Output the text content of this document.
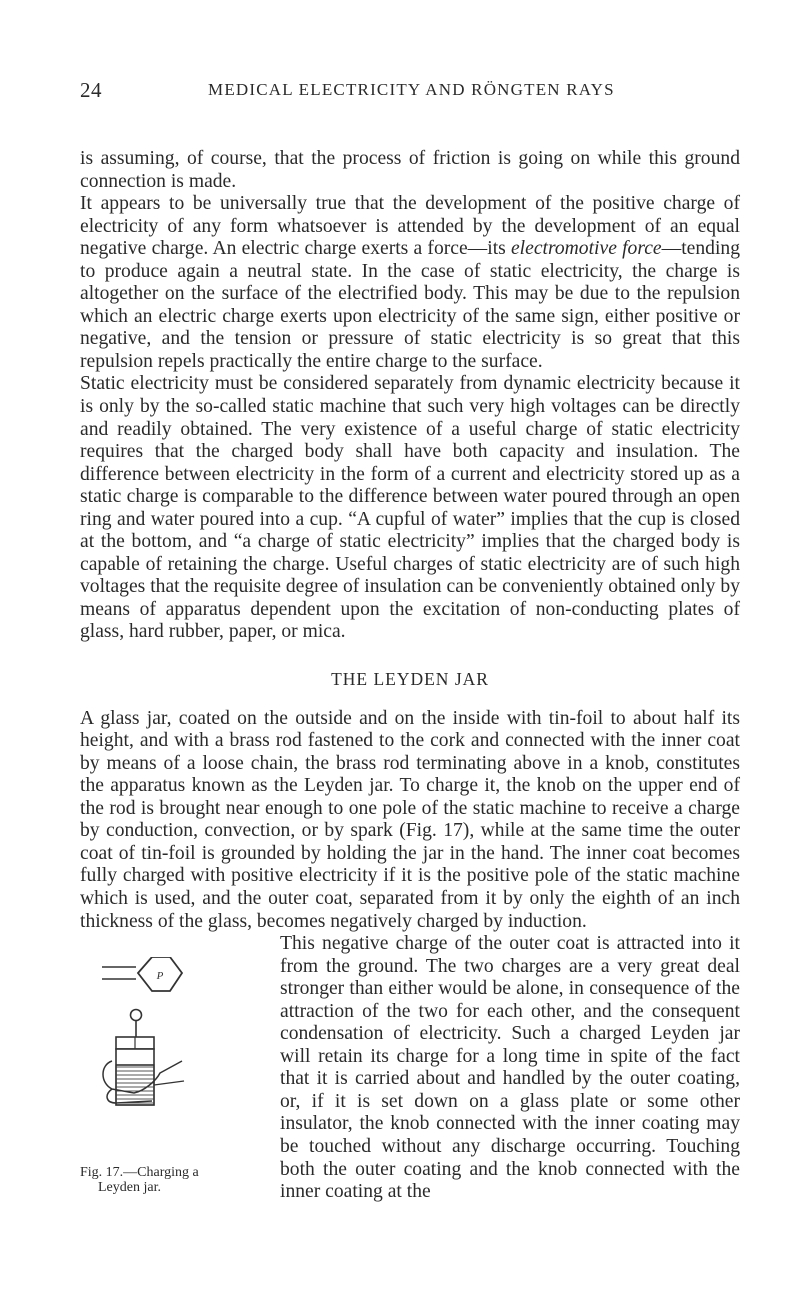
24	MEDICAL ELECTRICITY AND RÖNGTEN RAYS

is assuming, of course, that the process of friction is going on while this ground connection is made.

It appears to be universally true that the development of the positive charge of electricity of any form whatsoever is attended by the development of an equal negative charge. An electric charge exerts a force—its electromotive force—tending to produce again a neutral state. In the case of static electricity, the charge is altogether on the surface of the electrified body. This may be due to the repulsion which an electric charge exerts upon electricity of the same sign, either positive or negative, and the tension or pressure of static electricity is so great that this repulsion repels practically the entire charge to the surface.

Static electricity must be considered separately from dynamic electricity because it is only by the so-called static machine that such very high voltages can be directly and readily obtained. The very existence of a useful charge of static electricity requires that the charged body shall have both capacity and insulation. The difference between electricity in the form of a current and electricity stored up as a static charge is comparable to the difference between water poured through an open ring and water poured into a cup. “A cupful of water” implies that the cup is closed at the bottom, and “a charge of static electricity” implies that the charged body is capable of retaining the charge. Useful charges of static electricity are of such high voltages that the requisite degree of insulation can be conveniently obtained only by means of apparatus dependent upon the excitation of non-conducting plates of glass, hard rubber, paper, or mica.

THE LEYDEN JAR

A glass jar, coated on the outside and on the inside with tin-foil to about half its height, and with a brass rod fastened to the cork and connected with the inner coat by means of a loose chain, the brass rod terminating above in a knob, constitutes the apparatus known as the Leyden jar. To charge it, the knob on the upper end of the rod is brought near enough to one pole of the static machine to receive a charge by conduction, convection, or by spark (Fig. 17), while at the same time the outer coat of tin-foil is grounded by holding the jar in the hand. The inner coat becomes fully charged with positive electricity if it is the positive pole of the static machine which is used, and the outer coat, separated from it by only the eighth of an inch thickness of the glass, becomes negatively charged by induction.

P
Fig. 17.—Charging a
Leyden jar.

This negative charge of the outer coat is attracted into it from the ground. The two charges are a very great deal stronger than either would be alone, in consequence of the attraction of the two for each other, and the consequent condensation of electricity. Such a charged Leyden jar will retain its charge for a long time in spite of the fact that it is carried about and handled by the outer coating, or, if it is set down on a glass plate or some other insulator, the knob connected with the inner coating may be touched without any discharge occurring. Touching both the outer coating and the knob connected with the inner coating at the
